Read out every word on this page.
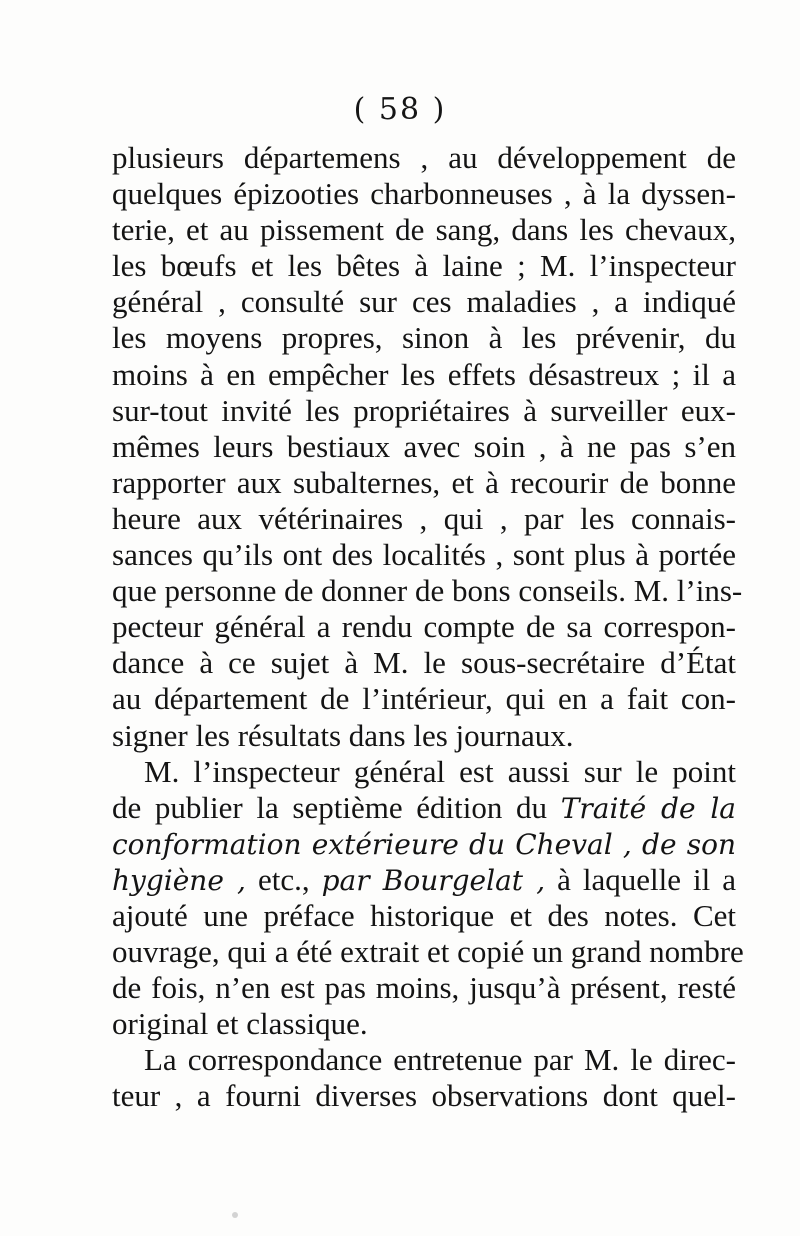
( 58 )
plusieurs départemens , au développement de
quelques épizooties charbonneuses , à la dyssen-
terie, et au pissement de sang, dans les chevaux,
les bœufs et les bêtes à laine ; M. l’inspecteur
général , consulté sur ces maladies , a indiqué
les moyens propres, sinon à les prévenir, du
moins à en empêcher les effets désastreux ; il a
sur-tout invité les propriétaires à surveiller eux-
mêmes leurs bestiaux avec soin , à ne pas s’en
rapporter aux subalternes, et à recourir de bonne
heure aux vétérinaires , qui , par les connais-
sances qu’ils ont des localités , sont plus à portée
que personne de donner de bons conseils. M. l’ins-
pecteur général a rendu compte de sa correspon-
dance à ce sujet à M. le sous-secrétaire d’État
au département de l’intérieur, qui en a fait con-
signer les résultats dans les journaux.
M. l’inspecteur général est aussi sur le point
de publier la septième édition du Traité de la
conformation extérieure du Cheval , de son
hygiène , etc., par Bourgelat , à laquelle il a
ajouté une préface historique et des notes. Cet
ouvrage, qui a été extrait et copié un grand nombre
de fois, n’en est pas moins, jusqu’à présent, resté
original et classique.
La correspondance entretenue par M. le direc-
teur , a fourni diverses observations dont quel-
